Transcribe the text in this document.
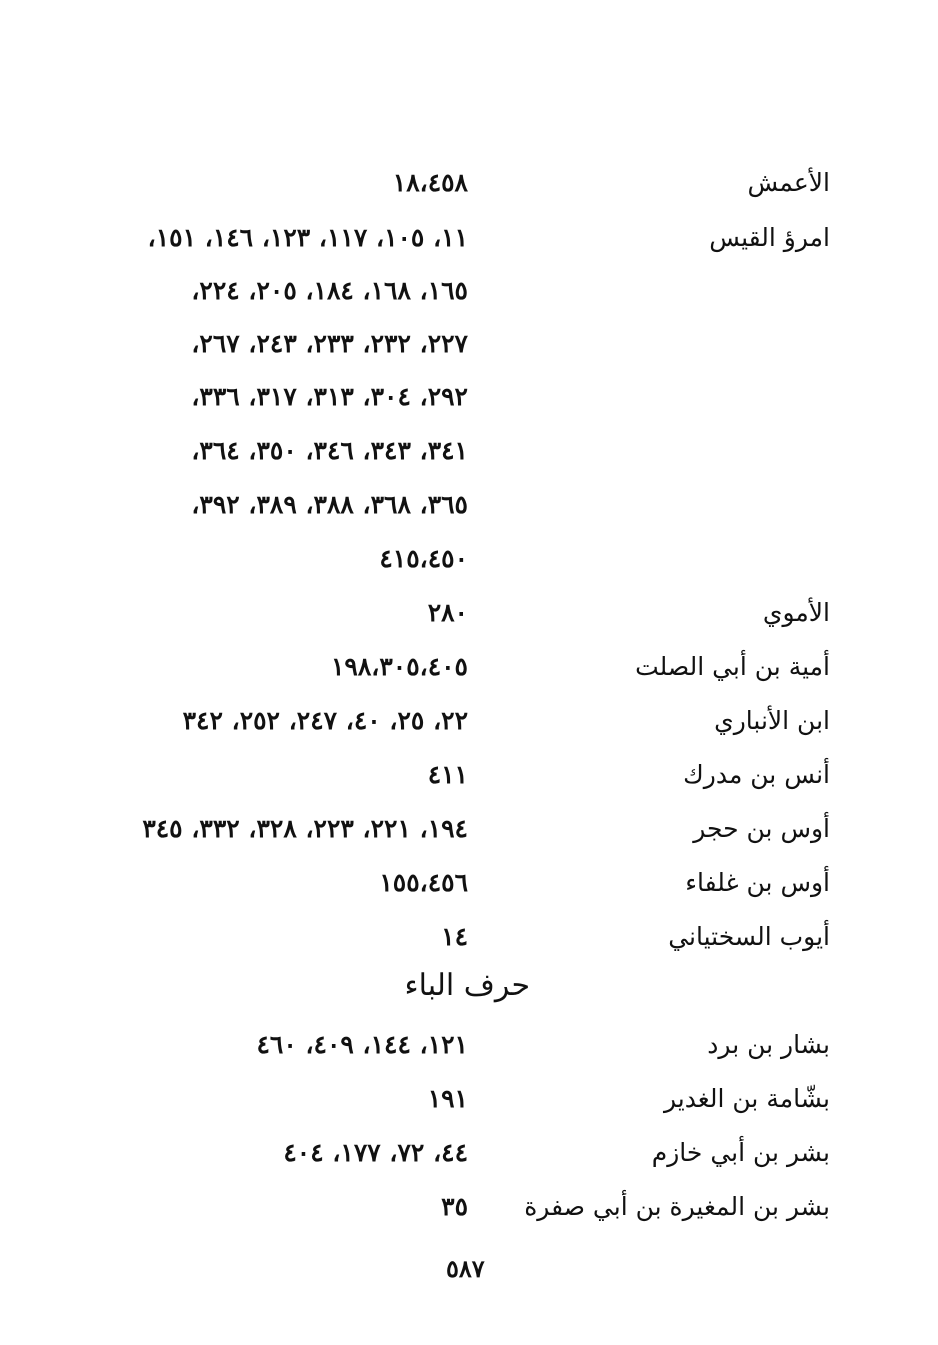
الأعمش
١٨،٤٥٨
امرؤ القيس
١١، ١٠٥، ١١٧، ١٢٣، ١٤٦، ١٥١،
١٦٥، ١٦٨، ١٨٤، ٢٠٥، ٢٢٤،
٢٢٧، ٢٣٢، ٢٣٣، ٢٤٣، ٢٦٧،
٢٩٢، ٣٠٤، ٣١٣، ٣١٧، ٣٣٦،
٣٤١، ٣٤٣، ٣٤٦، ٣٥٠، ٣٦٤،
٣٦٥، ٣٦٨، ٣٨٨، ٣٨٩، ٣٩٢،
٤١٥،٤٥٠
الأموي
٢٨٠
أمية بن أبي الصلت
١٩٨،٣٠٥،٤٠٥
ابن الأنباري
٢٢، ٢٥، ٤٠، ٢٤٧، ٢٥٢، ٣٤٢
أنس بن مدرك
٤١١
أوس بن حجر
١٩٤، ٢٢١، ٢٢٣، ٣٢٨، ٣٣٢، ٣٤٥
أوس بن غلفاء
١٥٥،٤٥٦
أيوب السختياني
١٤
حرف الباء
بشار بن برد
١٢١، ١٤٤، ٤٠٩، ٤٦٠
بشّامة بن الغدير
١٩١
بشر بن أبي خازم
٤٤، ٧٢، ١٧٧، ٤٠٤
بشر بن المغيرة بن أبي صفرة
٣٥
٥٨٧
